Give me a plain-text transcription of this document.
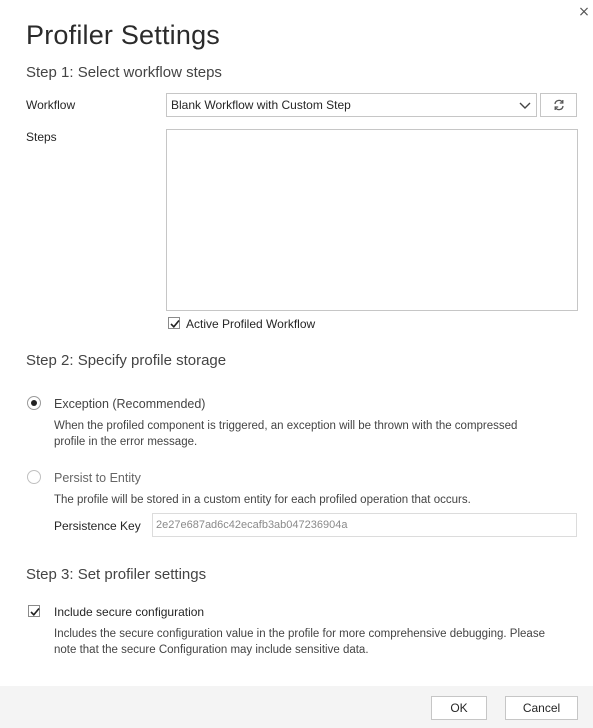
×
Profiler Settings
Step 1: Select workflow steps
Workflow	Blank Workflow with Custom Step
Steps
Active Profiled Workflow
Step 2: Specify profile storage
Exception (Recommended)
When the profiled component is triggered, an exception will be thrown with the compressed
profile in the error message.
Persist to Entity
The profile will be stored in a custom entity for each profiled operation that occurs.
Persistence Key	2e27e687ad6c42ecafb3ab047236904a
Step 3: Set profiler settings
Include secure configuration
Includes the secure configuration value in the profile for more comprehensive debugging. Please
note that the secure Configuration may include sensitive data.
OK	Cancel
